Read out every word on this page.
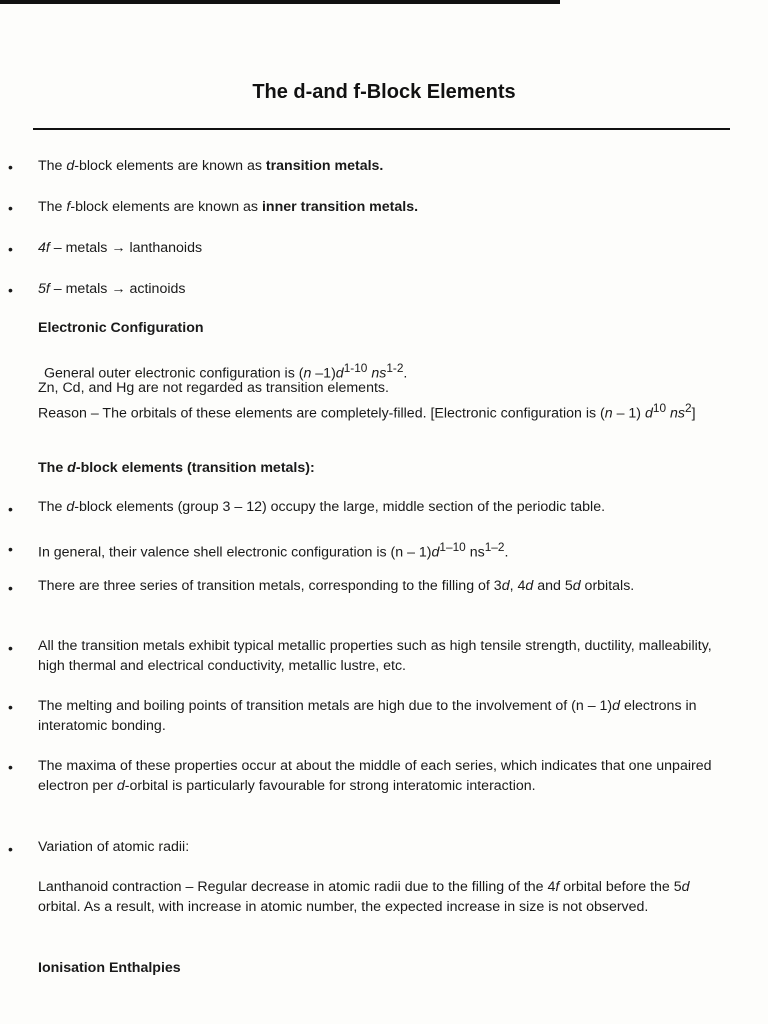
The d-and f-Block Elements
•
The d-block elements are known as transition metals.
•
The f-block elements are known as inner transition metals.
•
4f – metals → lanthanoids
•
5f – metals → actinoids
Electronic Configuration
General outer electronic configuration is (n $-1)d^{1-10}$ $ns^{1-2}$.
Zn, Cd, and Hg are not regarded as transition elements.
Reason – The orbitals of these elements are completely-filled. [Electronic configuration is (n – 1) $d^{10}$ $ns^2$]
The d-block elements (transition metals):
•
The d-block elements (group 3 – 12) occupy the large, middle section of the periodic table.
•
In general, their valence shell electronic configuration is $(n - 1)d^{1-10}$ $ns^{1-2}$.
•
There are three series of transition metals, corresponding to the filling of 3d, 4d and 5d orbitals.
•
All the transition metals exhibit typical metallic properties such as high tensile strength, ductility, malleability, high thermal and electrical conductivity, metallic lustre, etc.
•
The melting and boiling points of transition metals are high due to the involvement of (n – 1)d electrons in interatomic bonding.
•
The maxima of these properties occur at about the middle of each series, which indicates that one unpaired electron per d-orbital is particularly favourable for strong interatomic interaction.
•
Variation of atomic radii:
Lanthanoid contraction – Regular decrease in atomic radii due to the filling of the 4f orbital before the 5d orbital. As a result, with increase in atomic number, the expected increase in size is not observed.
Ionisation Enthalpies
